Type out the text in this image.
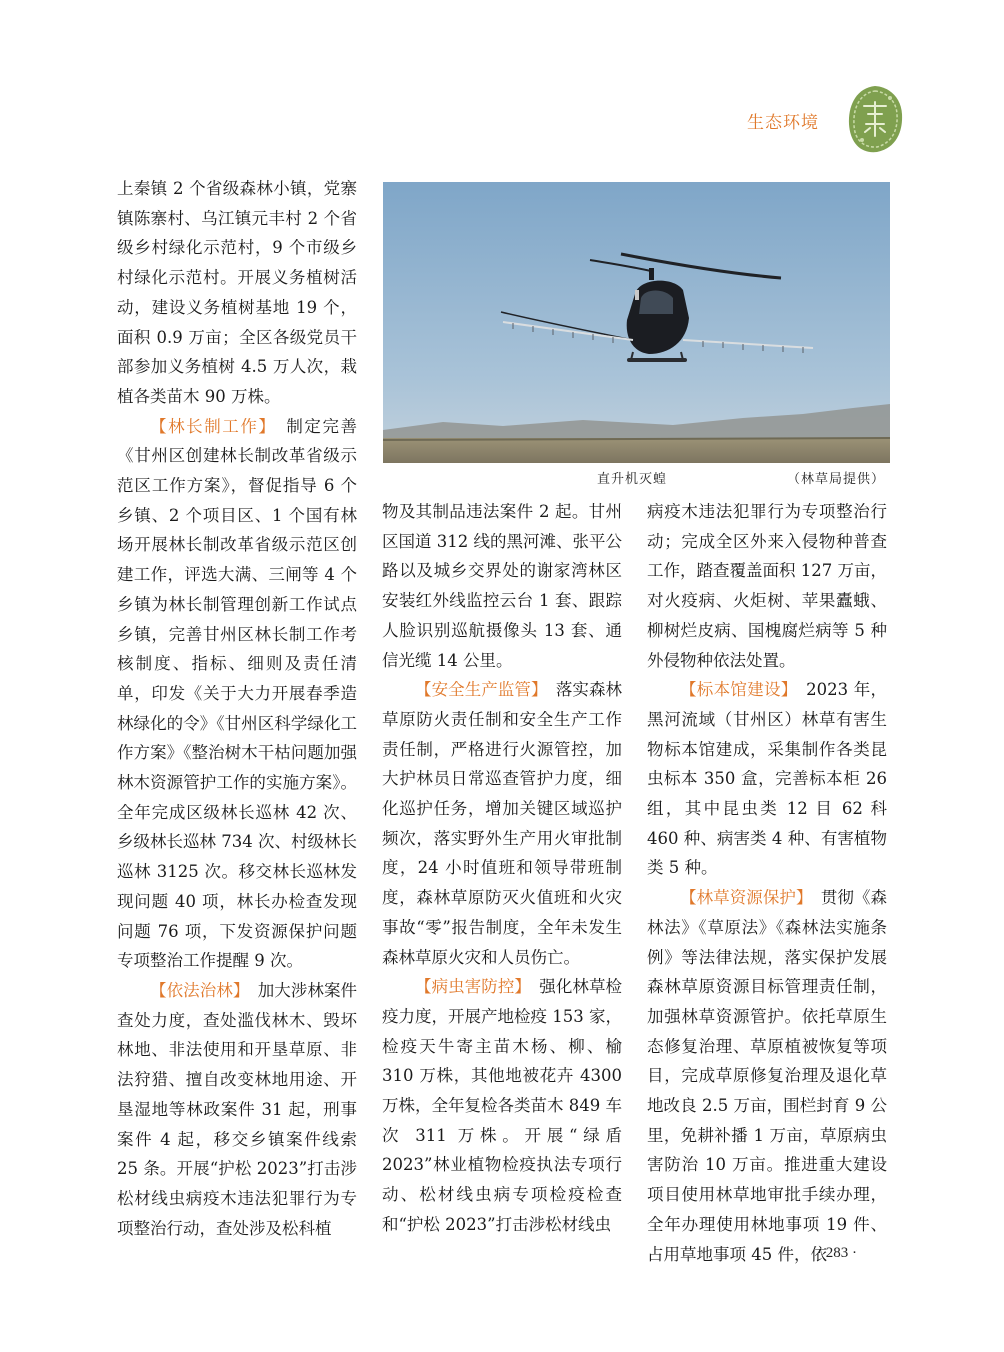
生态环境

上秦镇 2 个省级森林小镇，党寨镇陈寨村、乌江镇元丰村 2 个省级乡村绿化示范村，9 个市级乡村绿化示范村。开展义务植树活动，建设义务植树基地 19 个，面积 0.9 万亩；全区各级党员干部参加义务植树 4.5 万人次，栽植各类苗木 90 万株。

【林长制工作】　 制定完善《甘州区创建林长制改革省级示范区工作方案》，督促指导 6 个乡镇、2 个项目区、1 个国有林场开展林长制改革省级示范区创建工作，评选大满、三闸等 4 个乡镇为林长制管理创新工作试点乡镇，完善甘州区林长制工作考核制度、指标、细则及责任清单，印发《关于大力开展春季造林绿化的令》《甘州区科学绿化工作方案》《整治树木干枯问题加强林木资源管护工作的实施方案》。全年完成区级林长巡林 42 次、乡级林长巡林 734 次、村级林长巡林 3125 次。移交林长巡林发现问题 40 项，林长办检查发现问题 76 项，下发资源保护问题专项整治工作提醒 9 次。

【依法治林】　 加大涉林案件查处力度，查处滥伐林木、毁坏林地、非法使用和开垦草原、非法狩猎、擅自改变林地用途、开垦湿地等林政案件 31 起，刑事案件 4 起，移交乡镇案件线索 25 条。开展“护松 2023”打击涉松材线虫病疫木违法犯罪行为专项整治行动，查处涉及松科植

直升机灭蝗	（林草局提供）

物及其制品违法案件 2 起。甘州区国道 312 线的黑河滩、张平公路以及城乡交界处的谢家湾林区安装红外线监控云台 1 套、跟踪人脸识别巡航摄像头 13 套、通信光缆 14 公里。

【安全生产监管】　 落实森林草原防火责任制和安全生产工作责任制，严格进行火源管控，加大护林员日常巡查管护力度，细化巡护任务，增加关键区域巡护频次，落实野外生产用火审批制度，24 小时值班和领导带班制度，森林草原防灭火值班和火灾事故“零”报告制度，全年未发生森林草原火灾和人员伤亡。

【病虫害防控】　 强化林草检疫力度，开展产地检疫 153 家，检疫天牛寄主苗木杨、柳、榆 310 万株，其他地被花卉 4300 万株，全年复检各类苗木 849 车次 311 万株。开展“绿盾 2023”林业植物检疫执法专项行动、松材线虫病专项检疫检查和“护松 2023”打击涉松材线虫

病疫木违法犯罪行为专项整治行动；完成全区外来入侵物种普查工作，踏查覆盖面积 127 万亩，对火疫病、火炬树、苹果蠹蛾、柳树烂皮病、国槐腐烂病等 5 种外侵物种依法处置。

【标本馆建设】　 2023 年，黑河流域（甘州区）林草有害生物标本馆建成，采集制作各类昆虫标本 350 盒，完善标本柜 26 组，其中昆虫类 12 目 62 科 460 种、病害类 4 种、有害植物类 5 种。

【林草资源保护】　 贯彻《森林法》《草原法》《森林法实施条例》等法律法规，落实保护发展森林草原资源目标管理责任制，加强林草资源管护。依托草原生态修复治理、草原植被恢复等项目，完成草原修复治理及退化草地改良 2.5 万亩，围栏封育 9 公里，免耕补播 1 万亩，草原病虫害防治 10 万亩。推进重大建设项目使用林草地审批手续办理，全年办理使用林地事项 19 件、占用草地事项 45 件，依

· 283 ·
